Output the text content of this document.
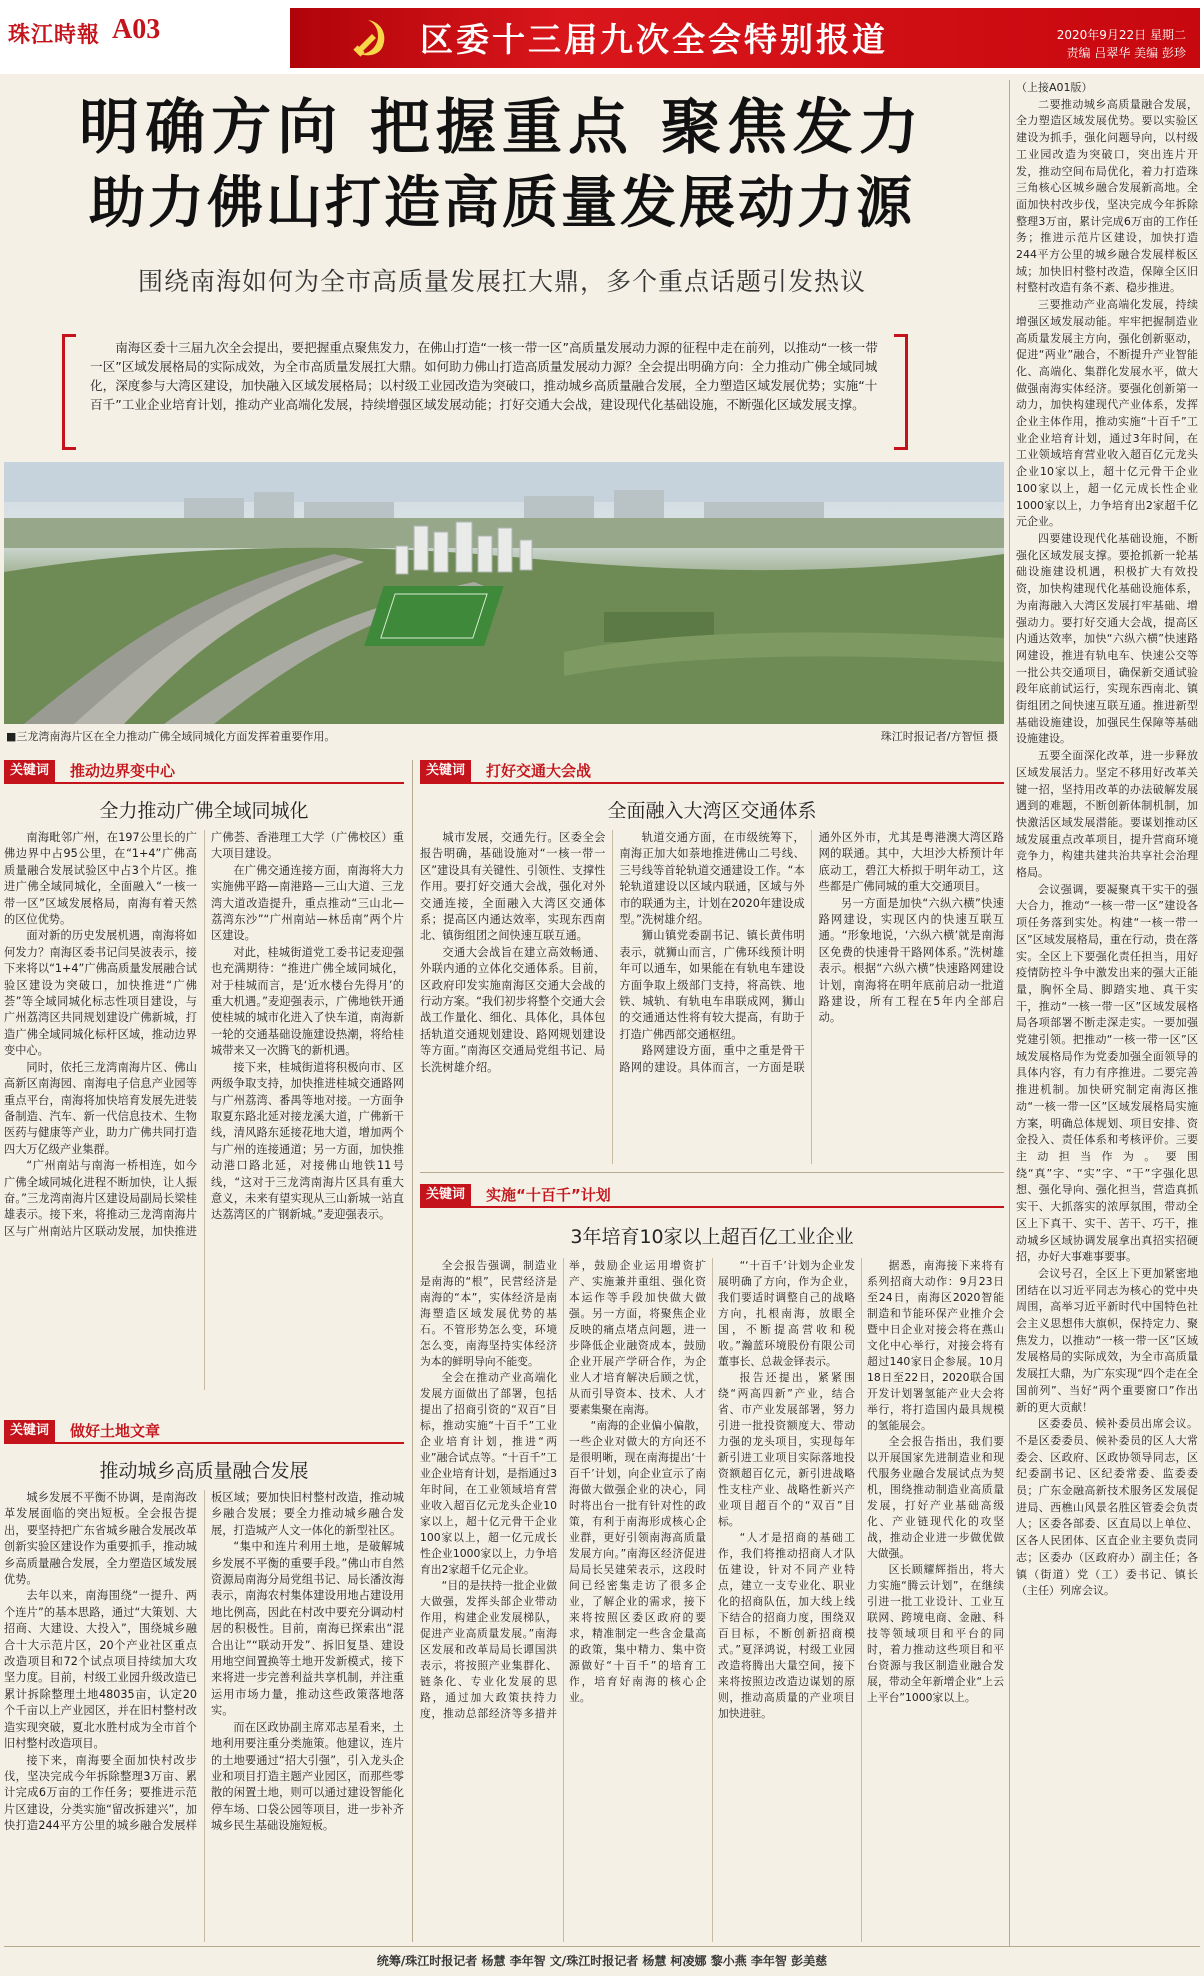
珠江時報 A03	区委十三届九次全会特别报道	2020年9月22日 星期二
责编 吕翠华 美编 彭珍
明确方向 把握重点 聚焦发力
助力佛山打造高质量发展动力源
围绕南海如何为全市高质量发展扛大鼎，多个重点话题引发热议
南海区委十三届九次全会提出，要把握重点聚焦发力，在佛山打造“一核一带一区”高质量发展动力源的征程中走在前列，以推动“一核一带一区”区域发展格局的实际成效，为全市高质量发展扛大鼎。如何助力佛山打造高质量发展动力源？全会提出明确方向：全力推动广佛全域同城化，深度参与大湾区建设，加快融入区域发展格局；以村级工业园改造为突破口，推动城乡高质量融合发展，全力塑造区域发展优势；实施“十百千”工业企业培育计划，推动产业高端化发展，持续增强区域发展动能；打好交通大会战，建设现代化基础设施，不断强化区域发展支撑。
■三龙湾南海片区在全力推动广佛全域同城化方面发挥着重要作用。	珠江时报记者/方智恒 摄

（上接A01版）

二要推动城乡高质量融合发展，全力塑造区域发展优势。要以实验区建设为抓手，强化问题导向，以村级工业园改造为突破口，突出连片开发，推动空间布局优化，着力打造珠三角核心区城乡融合发展新高地。全面加快村改步伐，坚决完成今年拆除整理3万亩，累计完成6万亩的工作任务；推进示范片区建设，加快打造244平方公里的城乡融合发展样板区域；加快旧村整村改造，保障全区旧村整村改造有条不紊、稳步推进。

三要推动产业高端化发展，持续增强区域发展动能。牢牢把握制造业高质量发展主方向，强化创新驱动，促进“两业”融合，不断提升产业智能化、高端化、集群化发展水平，做大做强南海实体经济。要强化创新第一动力，加快构建现代产业体系，发挥企业主体作用，推动实施“十百千”工业企业培育计划，通过3年时间，在工业领域培育营业收入超百亿元龙头企业10家以上，超十亿元骨干企业100家以上，超一亿元成长性企业1000家以上，力争培育出2家超千亿元企业。

四要建设现代化基础设施，不断强化区域发展支撑。要抢抓新一轮基础设施建设机遇，积极扩大有效投资，加快构建现代化基础设施体系，为南海融入大湾区发展打牢基础、增强动力。要打好交通大会战，提高区内通达效率，加快“六纵六横”快速路网建设，推进有轨电车、快速公交等一批公共交通项目，确保新交通试验段年底前试运行，实现东西南北、镇街组团之间快速互联互通。推进新型基础设施建设，加强民生保障等基础设施建设。

五要全面深化改革，进一步释放区域发展活力。坚定不移用好改革关键一招，坚持用改革的办法破解发展遇到的难题，不断创新体制机制，加快激活区域发展潜能。要谋划推动区域发展重点改革项目，提升营商环境竞争力，构建共建共治共享社会治理格局。

会议强调，要凝聚真干实干的强大合力，推动“一核一带一区”建设各项任务落到实处。构建“一核一带一区”区域发展格局，重在行动，贵在落实。全区上下要强化责任担当，用好疫情防控斗争中激发出来的强大正能量，胸怀全局、脚踏实地、真干实干，推动“一核一带一区”区域发展格局各项部署不断走深走实。一要加强党建引领。把推动“一核一带一区”区域发展格局作为党委加强全面领导的具体内容，有力有序推进。二要完善推进机制。加快研究制定南海区推动“一核一带一区”区域发展格局实施方案，明确总体规划、项目安排、资金投入、责任体系和考核评价。三要主动担当作为。要围绕“真”字、“实”字、“干”字强化思想、强化导向、强化担当，营造真抓实干、大抓落实的浓厚氛围，带动全区上下真干、实干、苦干、巧干，推动城乡区域协调发展拿出真招实招硬招，办好大事难事要事。

会议号召，全区上下更加紧密地团结在以习近平同志为核心的党中央周围，高举习近平新时代中国特色社会主义思想伟大旗帜，保持定力、聚焦发力，以推动“一核一带一区”区域发展格局的实际成效，为全市高质量发展扛大鼎，为广东实现“四个走在全国前列”、当好“两个重要窗口”作出新的更大贡献！

区委委员、候补委员出席会议。不是区委委员、候补委员的区人大常委会、区政府、区政协领导同志，区纪委副书记、区纪委常委、监委委员；广东金融高新技术服务区发展促进局、西樵山风景名胜区管委会负责人；区委各部委、区直局以上单位、区各人民团体、区直企业主要负责同志；区委办（区政府办）副主任；各镇（街道）党（工）委书记、镇长（主任）列席会议。

关键词	推动边界变中心
全力推动广佛全域同城化

南海毗邻广州，在197公里长的广佛边界中占95公里，在“1+4”广佛高质量融合发展试验区中占3个片区。推进广佛全域同城化，全面融入“一核一带一区”区域发展格局，南海有着天然的区位优势。

面对新的历史发展机遇，南海将如何发力？南海区委书记闫昊波表示，接下来将以“1+4”广佛高质量发展融合试验区建设为突破口，加快推进“广佛荟”等全域同城化标志性项目建设，与广州荔湾区共同规划建设广佛新城，打造广佛全域同城化标杆区域，推动边界变中心。

同时，依托三龙湾南海片区、佛山高新区南海园、南海电子信息产业园等重点平台，南海将加快培育发展先进装备制造、汽车、新一代信息技术、生物医药与健康等产业，助力广佛共同打造四大万亿级产业集群。

“广州南站与南海一桥相连，如今广佛全域同城化进程不断加快，让人振奋。”三龙湾南海片区建设局副局长梁桂雄表示。接下来，将推动三龙湾南海片区与广州南站片区联动发展，加快推进广佛荟、香港理工大学（广佛校区）重大项目建设。

在广佛交通连接方面，南海将大力实施佛平路—南港路—三山大道、三龙湾大道改造提升，重点推动“三山北—荔湾东沙”“广州南站—林岳南”两个片区建设。

对此，桂城街道党工委书记麦迎强也充满期待：“推进广佛全域同城化，对于桂城而言，是‘近水楼台先得月’的重大机遇。”麦迎强表示，广佛地铁开通使桂城的城市化进入了快车道，南海新一轮的交通基础设施建设热潮，将给桂城带来又一次腾飞的新机遇。

接下来，桂城街道将积极向市、区两级争取支持，加快推进桂城交通路网与广州荔湾、番禺等地对接。一方面争取夏东路北延对接龙溪大道，广佛新干线，清风路东延接花地大道，增加两个与广州的连接通道；另一方面，加快推动港口路北延，对接佛山地铁11号线，“这对于三龙湾南海片区具有重大意义，未来有望实现从三山新城一站直达荔湾区的广钢新城。”麦迎强表示。

关键词	做好土地文章
推动城乡高质量融合发展

城乡发展不平衡不协调，是南海改革发展面临的突出短板。全会报告提出，要坚持把广东省城乡融合发展改革创新实验区建设作为重要抓手，推动城乡高质量融合发展，全力塑造区域发展优势。

去年以来，南海围绕“一提升、两个连片”的基本思路，通过“大策划、大招商、大建设、大投入”，围绕城乡融合十大示范片区，20个产业社区重点改造项目和72个试点项目持续加大攻坚力度。目前，村级工业园升级改造已累计拆除整理土地48035亩，认定20个千亩以上产业园区，并在旧村整村改造实现突破，夏北水胜村成为全市首个旧村整村改造项目。

接下来，南海要全面加快村改步伐，坚决完成今年拆除整理3万亩、累计完成6万亩的工作任务；要推进示范片区建设，分类实施“留改拆建兴”，加快打造244平方公里的城乡融合发展样板区域；要加快旧村整村改造，推动城乡融合发展；要全力推动城乡融合发展，打造城产人文一体化的新型社区。

“集中和连片利用土地，是破解城乡发展不平衡的重要手段。”佛山市自然资源局南海分局党组书记、局长潘汝海表示，南海农村集体建设用地占建设用地比例高，因此在村改中要充分调动村居的积极性。目前，南海已探索出“混合出让”“联动开发”、拆旧复垦、建设用地空间置换等土地开发新模式，接下来将进一步完善利益共享机制，并注重运用市场力量，推动这些政策落地落实。

而在区政协副主席邓志星看来，土地利用要注重分类施策。他建议，连片的土地要通过“招大引强”，引入龙头企业和项目打造主题产业园区，而那些零散的闲置土地，则可以通过建设智能化停车场、口袋公园等项目，进一步补齐城乡民生基础设施短板。

关键词	打好交通大会战
全面融入大湾区交通体系

城市发展，交通先行。区委全会报告明确，基础设施对“一核一带一区”建设具有关键性、引领性、支撑性作用。要打好交通大会战，强化对外交通连接，全面融入大湾区交通体系；提高区内通达效率，实现东西南北、镇街组团之间快速互联互通。

交通大会战旨在建立高效畅通、外联内通的立体化交通体系。目前，区政府印发实施南海区交通大会战的行动方案。“我们初步将整个交通大会战工作量化、细化、具体化，具体包括轨道交通规划建设、路网规划建设等方面。”南海区交通局党组书记、局长洗树雄介绍。

轨道交通方面，在市级统筹下，南海正加大如萘地推进佛山二号线、三号线等首轮轨道交通建设工作。“本轮轨道建设以区域内联通，区域与外市的联通为主，计划在2020年建设成型。”洗树雄介绍。

狮山镇党委副书记、镇长黄伟明表示，就狮山而言，广佛环线预计明年可以通车，如果能在有轨电车建设方面争取上级部门支持，将高铁、地铁、城轨、有轨电车串联成网，狮山的交通通达性将有较大提高，有助于打造广佛西部交通枢纽。

路网建设方面，重中之重是骨干路网的建设。具体而言，一方面是联通外区外市，尤其是粤港澳大湾区路网的联通。其中，大坦沙大桥预计年底动工，碧江大桥拟于明年动工，这些都是广佛同城的重大交通项目。

另一方面是加快“六纵六横”快速路网建设，实现区内的快速互联互通。“形象地说，‘六纵六横’就是南海区免费的快速骨干路网体系。”洗树雄表示。根据“六纵六横”快速路网建设计划，南海将在明年底前启动一批道路建设，所有工程在5年内全部启动。

关键词	实施“十百千”计划
3年培育10家以上超百亿工业企业

全会报告强调，制造业是南海的“根”，民营经济是南海的“本”，实体经济是南海塑造区域发展优势的基石。不管形势怎么变，环境怎么变，南海坚持实体经济为本的鲜明导向不能变。

全会在推动产业高端化发展方面做出了部署，包括提出了招商引资的“双百”目标，推动实施“十百千”工业企业培育计划，推进“两业”融合试点等。“十百千”工业企业培育计划，是指通过3年时间，在工业领域培育营业收入超百亿元龙头企业10家以上，超十亿元骨干企业100家以上，超一亿元成长性企业1000家以上，力争培育出2家超千亿元企业。

“目的是扶持一批企业做大做强，发挥头部企业带动作用，构建企业发展梯队，促进产业高质量发展。”南海区发展和改革局局长谭国洪表示，将按照产业集群化、链条化、专业化发展的思路，通过加大政策扶持力度，推动总部经济等多措并举，鼓励企业运用增资扩产、实施兼并重组、强化资本运作等手段加快做大做强。另一方面，将聚焦企业反映的痛点堵点问题，进一步降低企业融资成本，鼓励企业开展产学研合作，为企业人才培育解决后顾之忧，从而引导资本、技术、人才要素集聚在南海。

“南海的企业偏小偏散，一些企业对做大的方向还不是很明晰，现在南海提出‘十百千’计划，向企业宣示了南海做大做强企业的决心，同时将出台一批有针对性的政策，有利于南海形成核心企业群，更好引领南海高质量发展方向。”南海区经济促进局局长吴建荣表示，这段时间已经密集走访了很多企业，了解企业的需求，接下来将按照区委区政府的要求，精准制定一些含金量高的政策，集中精力、集中资源做好“十百千”的培育工作，培育好南海的核心企业。

“‘十百千’计划为企业发展明确了方向，作为企业，我们要适时调整自己的战略方向，扎根南海，放眼全国，不断提高营收和税收。”瀚蓝环境股份有限公司董事长、总裁金铎表示。

报告还提出，紧紧围绕“两高四新”产业，结合省、市产业发展部署，努力引进一批投资额度大、带动力强的龙头项目，实现每年新引进工业项目实际落地投资额超百亿元，新引进战略性支柱产业、战略性新兴产业项目超百个的“双百”目标。

“人才是招商的基础工作，我们将推动招商人才队伍建设，针对不同产业特点，建立一支专业化、职业化的招商队伍，加大线上线下结合的招商力度，围绕双百目标，不断创新招商模式。”夏泽鸿说，村级工业园改造将腾出大量空间，接下来将按照边改造边谋划的原则，推动高质量的产业项目加快进驻。

据悉，南海接下来将有系列招商大动作：9月23日至24日，南海区2020智能制造和节能环保产业推介会暨中日企业对接会将在燕山文化中心举行，对接会将有超过140家日企参展。10月18日至22日，2020联合国开发计划署氢能产业大会将举行，将打造国内最具规模的氢能展会。

全会报告指出，我们要以开展国家先进制造业和现代服务业融合发展试点为契机，围绕推动制造业高质量发展，打好产业基础高级化、产业链现代化的攻坚战，推动企业进一步做优做大做强。

区长顾耀辉指出，将大力实施“腾云计划”，在继续引进一批工业设计、工业互联网、跨境电商、金融、科技等领域项目和平台的同时，着力推动这些项目和平台资源与我区制造业融合发展，带动全年新增企业“上云上平台”1000家以上。

统筹/珠江时报记者 杨慧 李年智 文/珠江时报记者 杨慧 柯凌娜 黎小燕 李年智 彭美慈
